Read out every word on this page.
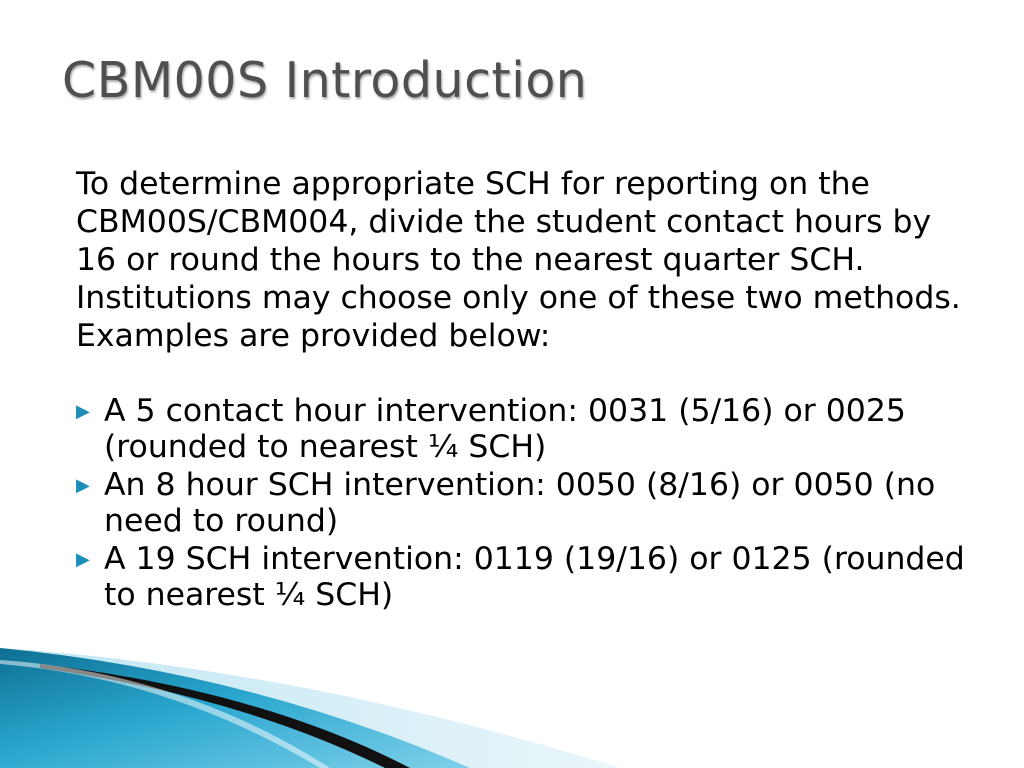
CBM00S Introduction

To determine appropriate SCH for reporting on the CBM00S/CBM004, divide the student contact hours by 16 or round the hours to the nearest quarter SCH. Institutions may choose only one of these two methods. Examples are provided below:

▶ A 5 contact hour intervention: 0031 (5/16) or 0025 (rounded to nearest ¼ SCH)
▶ An 8 hour SCH intervention: 0050 (8/16) or 0050 (no need to round)
▶ A 19 SCH intervention: 0119 (19/16) or 0125 (rounded to nearest ¼ SCH)
